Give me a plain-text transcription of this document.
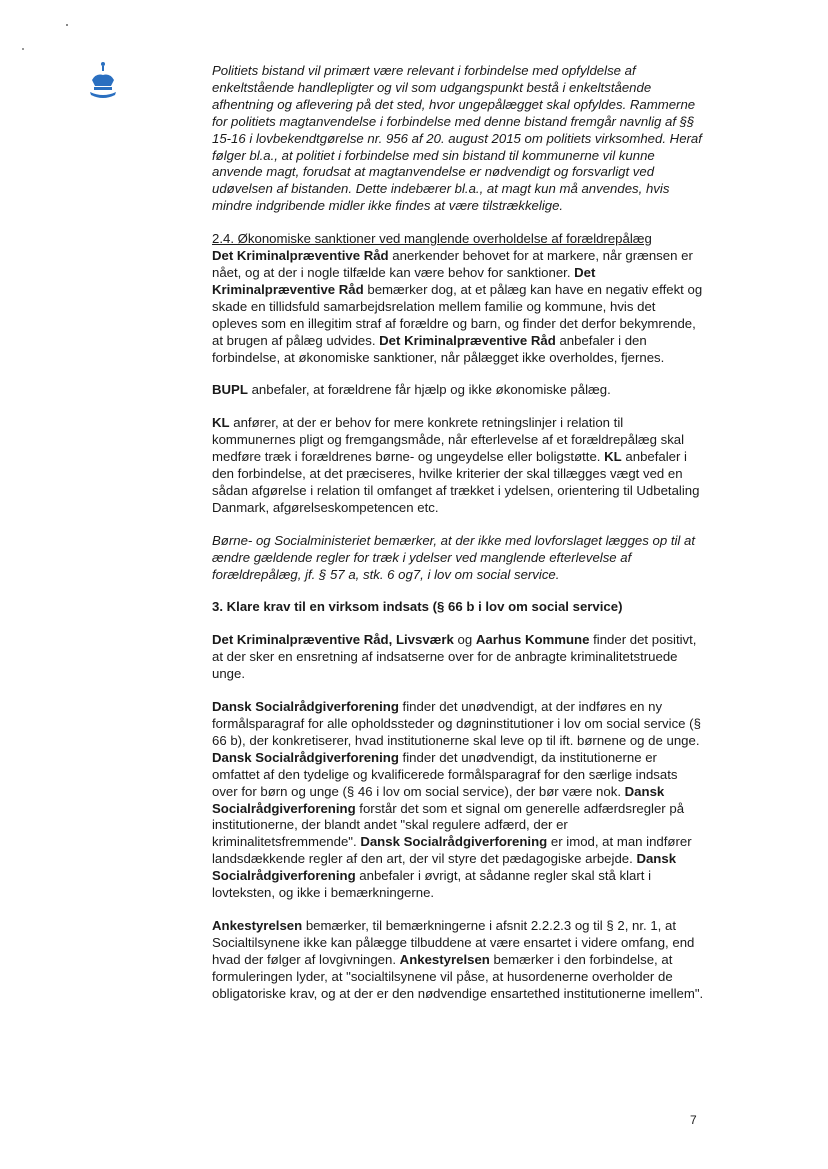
Politiets bistand vil primært være relevant i forbindelse med opfyldelse af enkeltstående handlepligter og vil som udgangspunkt bestå i enkeltstående afhentning og aflevering på det sted, hvor ungepålægget skal opfyldes. Rammerne for politiets magtanvendelse i forbindelse med denne bistand fremgår navnlig af §§ 15-16 i lovbekendtgørelse nr. 956 af 20. august 2015 om politiets virksomhed. Heraf følger bl.a., at politiet i forbindelse med sin bistand til kommunerne vil kunne anvende magt, forudsat at magtanvendelse er nødvendigt og forsvarligt ved udøvelsen af bistanden. Dette indebærer bl.a., at magt kun må anvendes, hvis mindre indgribende midler ikke findes at være tilstrækkelige.

2.4. Økonomiske sanktioner ved manglende overholdelse af forældrepålæg

Det Kriminalpræventive Råd anerkender behovet for at markere, når grænsen er nået, og at der i nogle tilfælde kan være behov for sanktioner. Det Kriminalpræventive Råd bemærker dog, at et pålæg kan have en negativ effekt og skade en tillidsfuld samarbejdsrelation mellem familie og kommune, hvis det opleves som en illegitim straf af forældre og barn, og finder det derfor bekymrende, at brugen af pålæg udvides. Det Kriminalpræventive Råd anbefaler i den forbindelse, at økonomiske sanktioner, når pålægget ikke overholdes, fjernes.

BUPL anbefaler, at forældrene får hjælp og ikke økonomiske pålæg.

KL anfører, at der er behov for mere konkrete retningslinjer i relation til kommunernes pligt og fremgangsmåde, når efterlevelse af et forældrepålæg skal medføre træk i forældrenes børne- og ungeydelse eller boligstøtte. KL anbefaler i den forbindelse, at det præciseres, hvilke kriterier der skal tillægges vægt ved en sådan afgørelse i relation til omfanget af trækket i ydelsen, orientering til Udbetaling Danmark, afgørelseskompetencen etc.

Børne- og Socialministeriet bemærker, at der ikke med lovforslaget lægges op til at ændre gældende regler for træk i ydelser ved manglende efterlevelse af forældrepålæg, jf. § 57 a, stk. 6 og7, i lov om social service.

3. Klare krav til en virksom indsats (§ 66 b i lov om social service)

Det Kriminalpræventive Råd, Livsværk og Aarhus Kommune finder det positivt, at der sker en ensretning af indsatserne over for de anbragte kriminalitetstruede unge.

Dansk Socialrådgiverforening finder det unødvendigt, at der indføres en ny formålsparagraf for alle opholdssteder og døgninstitutioner i lov om social service (§ 66 b), der konkretiserer, hvad institutionerne skal leve op til ift. børnene og de unge. Dansk Socialrådgiverforening finder det unødvendigt, da institutionerne er omfattet af den tydelige og kvalificerede formålsparagraf for den særlige indsats over for børn og unge (§ 46 i lov om social service), der bør være nok. Dansk Socialrådgiverforening forstår det som et signal om generelle adfærdsregler på institutionerne, der blandt andet "skal regulere adfærd, der er kriminalitetsfremmende". Dansk Socialrådgiverforening er imod, at man indfører landsdækkende regler af den art, der vil styre det pædagogiske arbejde. Dansk Socialrådgiverforening anbefaler i øvrigt, at sådanne regler skal stå klart i lovteksten, og ikke i bemærkningerne.

Ankestyrelsen bemærker, til bemærkningerne i afsnit 2.2.2.3 og til § 2, nr. 1, at Socialtilsynene ikke kan pålægge tilbuddene at være ensartet i videre omfang, end hvad der følger af lovgivningen. Ankestyrelsen bemærker i den forbindelse, at formuleringen lyder, at "socialtilsynene vil påse, at husordenerne overholder de obligatoriske krav, og at der er den nødvendige ensartethed institutionerne imellem".

7
